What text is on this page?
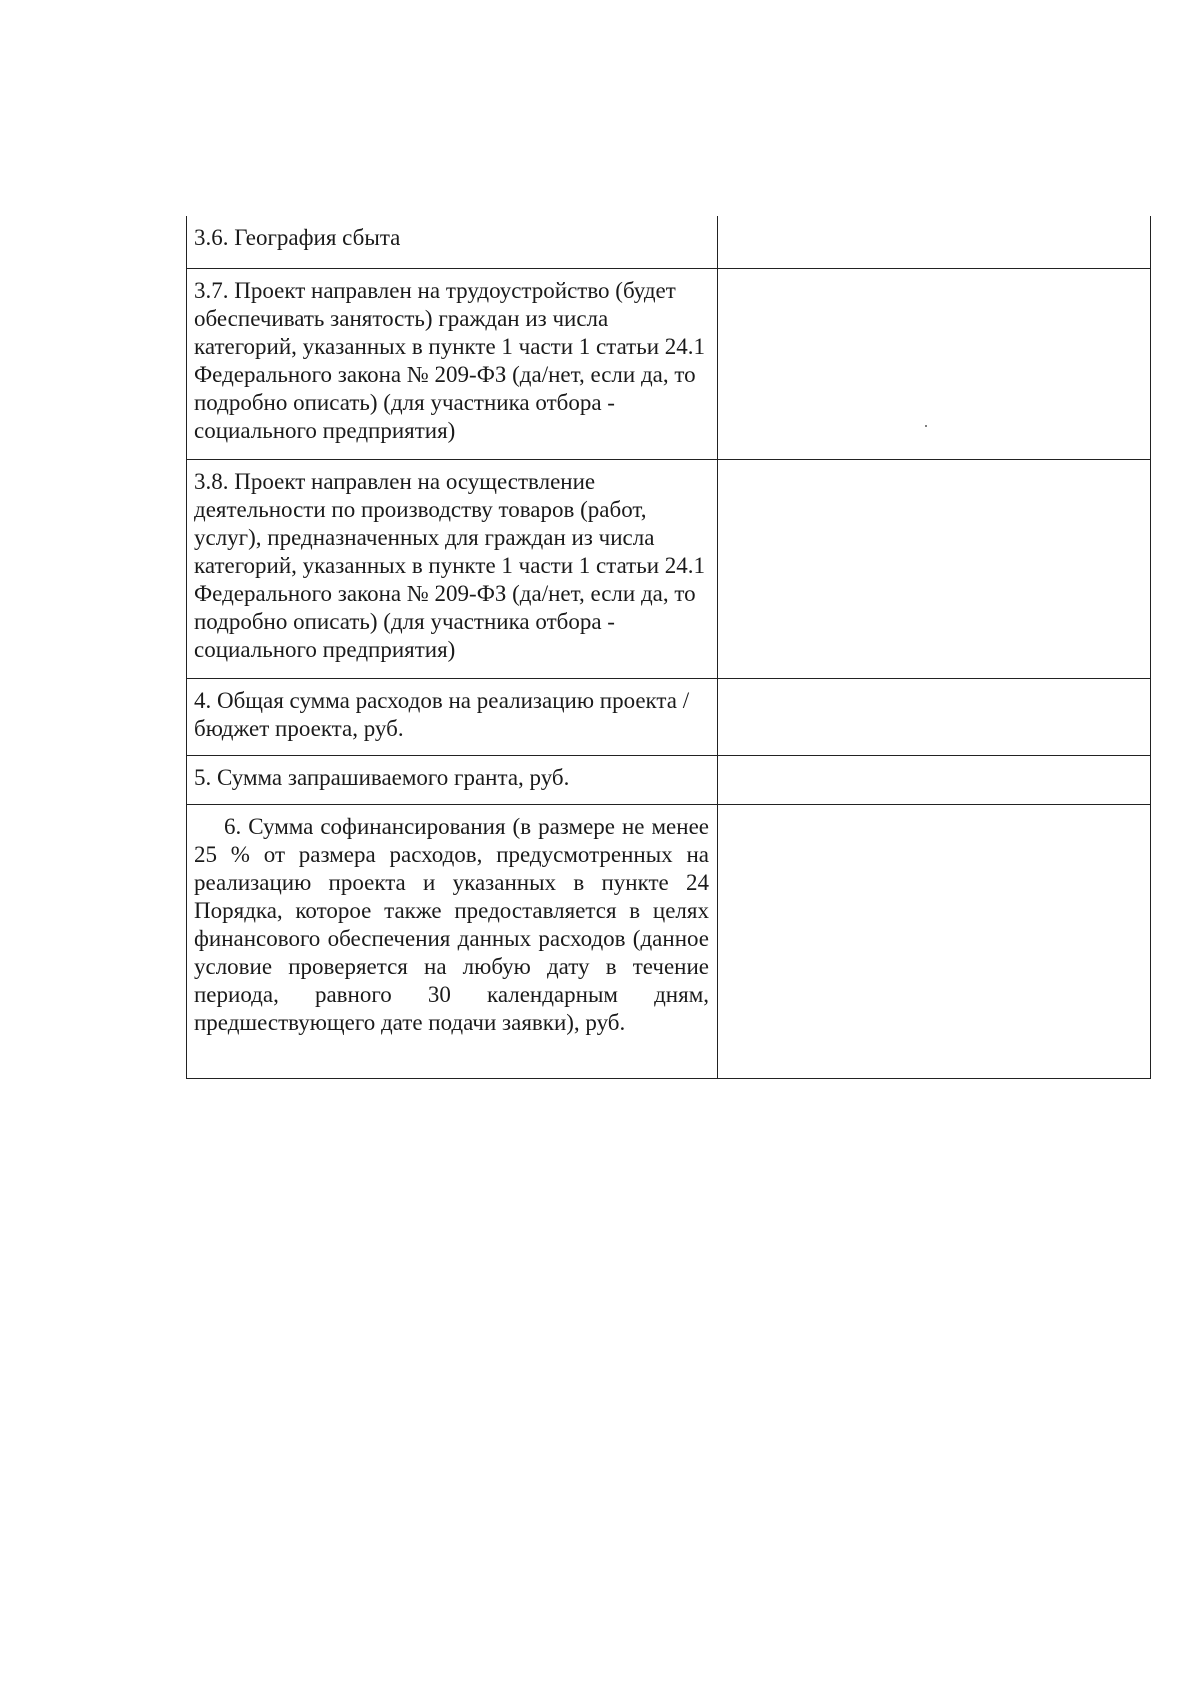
3.6. География сбыта	
3.7. Проект направлен на трудоустройство (будет обеспечивать занятость) граждан из числа категорий, указанных в пункте 1 части 1 статьи 24.1 Федерального закона № 209-ФЗ (да/нет, если да, то подробно описать) (для участника отбора - социального предприятия)	
3.8. Проект направлен на осуществление деятельности по производству товаров (работ, услуг), предназначенных для граждан из числа категорий, указанных в пункте 1 части 1 статьи 24.1 Федерального закона № 209-ФЗ (да/нет, если да, то подробно описать) (для участника отбора - социального предприятия)	
4. Общая сумма расходов на реализацию проекта / бюджет проекта, руб.	
5. Сумма запрашиваемого гранта, руб.	
6. Сумма софинансирования (в размере не менее 25 % от размера расходов, предусмотренных на реализацию проекта и указанных в пункте 24 Порядка, которое также предоставляется в целях финансового обеспечения данных расходов (данное условие проверяется на любую дату в течение периода, равного 30 календарным дням, предшествующего дате подачи заявки), руб.	
